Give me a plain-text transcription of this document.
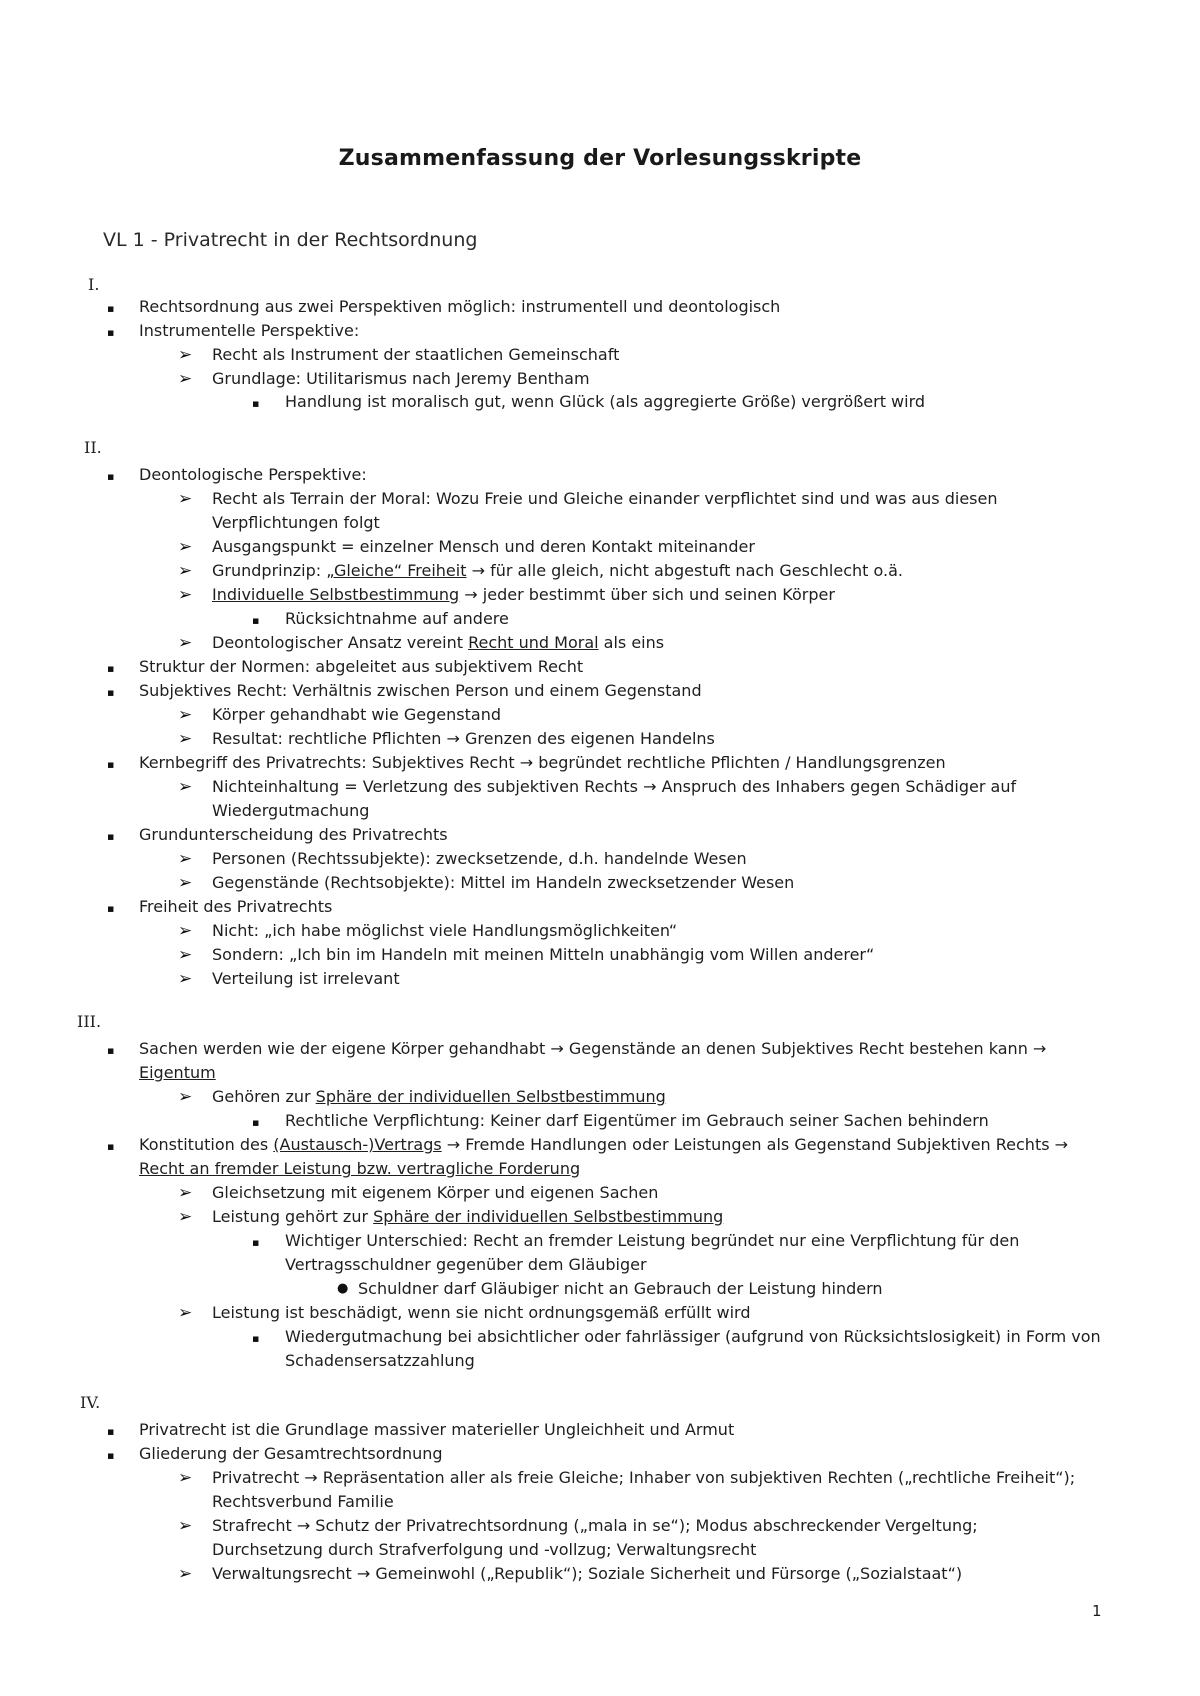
Zusammenfassung der Vorlesungsskripte
VL 1 - Privatrecht in der Rechtsordnung
I.
▪ Rechtsordnung aus zwei Perspektiven möglich: instrumentell und deontologisch
▪ Instrumentelle Perspektive:
➢ Recht als Instrument der staatlichen Gemeinschaft
➢ Grundlage: Utilitarismus nach Jeremy Bentham
▪ Handlung ist moralisch gut, wenn Glück (als aggregierte Größe) vergrößert wird
II.
▪ Deontologische Perspektive:
➢ Recht als Terrain der Moral: Wozu Freie und Gleiche einander verpflichtet sind und was aus diesen
Verpflichtungen folgt
➢ Ausgangspunkt = einzelner Mensch und deren Kontakt miteinander
➢ Grundprinzip: „Gleiche“ Freiheit → für alle gleich, nicht abgestuft nach Geschlecht o.ä.
➢ Individuelle Selbstbestimmung → jeder bestimmt über sich und seinen Körper
▪ Rücksichtnahme auf andere
➢ Deontologischer Ansatz vereint Recht und Moral als eins
▪ Struktur der Normen: abgeleitet aus subjektivem Recht
▪ Subjektives Recht: Verhältnis zwischen Person und einem Gegenstand
➢ Körper gehandhabt wie Gegenstand
➢ Resultat: rechtliche Pflichten → Grenzen des eigenen Handelns
▪ Kernbegriff des Privatrechts: Subjektives Recht → begründet rechtliche Pflichten / Handlungsgrenzen
➢ Nichteinhaltung = Verletzung des subjektiven Rechts → Anspruch des Inhabers gegen Schädiger auf
Wiedergutmachung
▪ Grundunterscheidung des Privatrechts
➢ Personen (Rechtssubjekte): zwecksetzende, d.h. handelnde Wesen
➢ Gegenstände (Rechtsobjekte): Mittel im Handeln zwecksetzender Wesen
▪ Freiheit des Privatrechts
➢ Nicht: „ich habe möglichst viele Handlungsmöglichkeiten“
➢ Sondern: „Ich bin im Handeln mit meinen Mitteln unabhängig vom Willen anderer“
➢ Verteilung ist irrelevant
III.
▪ Sachen werden wie der eigene Körper gehandhabt → Gegenstände an denen Subjektives Recht bestehen kann →
Eigentum
➢ Gehören zur Sphäre der individuellen Selbstbestimmung
▪ Rechtliche Verpflichtung: Keiner darf Eigentümer im Gebrauch seiner Sachen behindern
▪ Konstitution des (Austausch-)Vertrags → Fremde Handlungen oder Leistungen als Gegenstand Subjektiven Rechts →
Recht an fremder Leistung bzw. vertragliche Forderung
➢ Gleichsetzung mit eigenem Körper und eigenen Sachen
➢ Leistung gehört zur Sphäre der individuellen Selbstbestimmung
▪ Wichtiger Unterschied: Recht an fremder Leistung begründet nur eine Verpflichtung für den
Vertragsschuldner gegenüber dem Gläubiger
● Schuldner darf Gläubiger nicht an Gebrauch der Leistung hindern
➢ Leistung ist beschädigt, wenn sie nicht ordnungsgemäß erfüllt wird
▪ Wiedergutmachung bei absichtlicher oder fahrlässiger (aufgrund von Rücksichtslosigkeit) in Form von
Schadensersatzzahlung
IV.
▪ Privatrecht ist die Grundlage massiver materieller Ungleichheit und Armut
▪ Gliederung der Gesamtrechtsordnung
➢ Privatrecht → Repräsentation aller als freie Gleiche; Inhaber von subjektiven Rechten („rechtliche Freiheit“);
Rechtsverbund Familie
➢ Strafrecht → Schutz der Privatrechtsordnung („mala in se“); Modus abschreckender Vergeltung;
Durchsetzung durch Strafverfolgung und -vollzug; Verwaltungsrecht
➢ Verwaltungsrecht → Gemeinwohl („Republik“); Soziale Sicherheit und Fürsorge („Sozialstaat“)
1
